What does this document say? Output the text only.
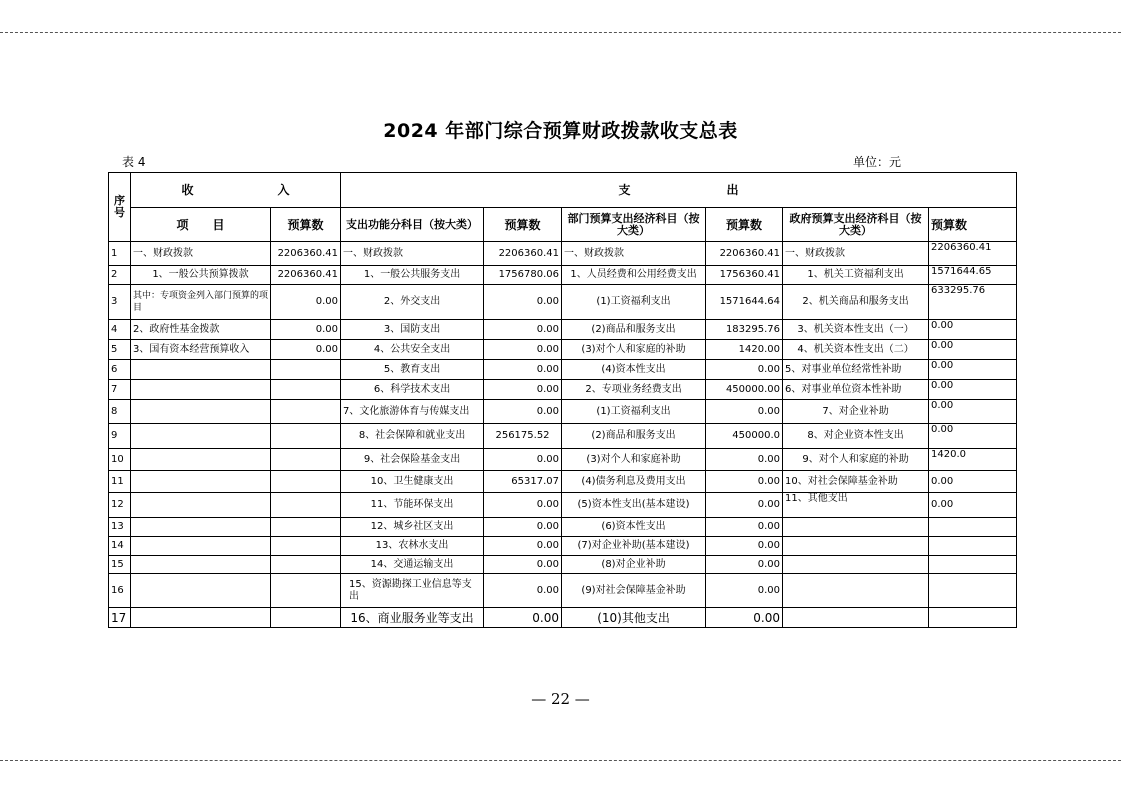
2024 年部门综合预算财政拨款收支总表
表 4	单位：元
序号	收　　　　　　　入		支　　　　　　　　出					
	项　　目	预算数	支出功能分科目（按大类）	预算数	部门预算支出经济科目（按大类）	预算数	政府预算支出经济科目（按大类）	预算数
1	一、财政拨款	2206360.41	一、财政拨款	2206360.41	一、财政拨款	2206360.41	一、财政拨款	2206360.41
2	1、一般公共预算拨款	2206360.41	1、一般公共服务支出	1756780.06	1、人员经费和公用经费支出	1756360.41	1、机关工资福利支出	1571644.65
3	其中：专项资金列入部门预算的项目	0.00	2、外交支出	0.00	(1)工资福利支出	1571644.64	2、机关商品和服务支出	633295.76
4	2、政府性基金拨款	0.00	3、国防支出	0.00	(2)商品和服务支出	183295.76	3、机关资本性支出（一）	0.00
5	3、国有资本经营预算收入	0.00	4、公共安全支出	0.00	(3)对个人和家庭的补助	1420.00	4、机关资本性支出（二）	0.00
6			5、教育支出	0.00	(4)资本性支出	0.00	5、对事业单位经常性补助	0.00
7			6、科学技术支出	0.00	2、专项业务经费支出	450000.00	6、对事业单位资本性补助	0.00
8			7、文化旅游体育与传媒支出	0.00	(1)工资福利支出	0.00	7、对企业补助	0.00
9			8、社会保障和就业支出	256175.52	(2)商品和服务支出	450000.0	8、对企业资本性支出	0.00
10			9、社会保险基金支出	0.00	(3)对个人和家庭补助	0.00	9、对个人和家庭的补助	1420.0
11			10、卫生健康支出	65317.07	(4)债务利息及费用支出	0.00	10、对社会保障基金补助	0.00
12			11、节能环保支出	0.00	(5)资本性支出(基本建设)	0.00	11、其他支出	0.00
13			12、城乡社区支出	0.00	(6)资本性支出	0.00		
14			13、农林水支出	0.00	(7)对企业补助(基本建设)	0.00		
15			14、交通运输支出	0.00	(8)对企业补助	0.00		
16			15、资源勘探工业信息等支出	0.00	(9)对社会保障基金补助	0.00		
17			16、商业服务业等支出	0.00	(10)其他支出	0.00		
— 22 —
